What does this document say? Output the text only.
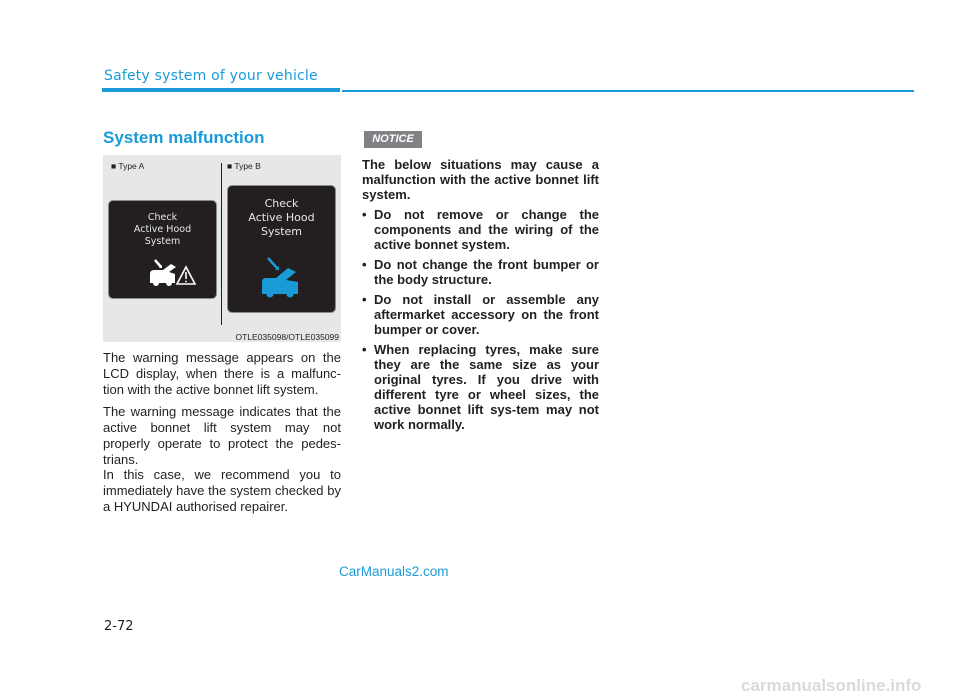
Safety system of your vehicle
System malfunction
■ Type A	■ Type B
Check
Active Hood
System
Check
Active Hood
System
OTLE035098/OTLE035099

The warning message appears on the LCD display, when there is a malfunc-tion with the active bonnet lift system.

The warning message indicates that the active bonnet lift system may not properly operate to protect the pedes-trians.

In this case, we recommend you to immediately have the system checked by a HYUNDAI authorised repairer.

NOTICE

The below situations may cause a malfunction with the active bonnet lift system.

• Do not remove or change the components and the wiring of the active bonnet system.
• Do not change the front bumper or the body structure.
• Do not install or assemble any aftermarket accessory on the front bumper or cover.
• When replacing tyres, make sure they are the same size as your original tyres. If you drive with different tyre or wheel sizes, the active bonnet lift sys-tem may not work normally.
CarManuals2.com
2-72
carmanualsonline.info
